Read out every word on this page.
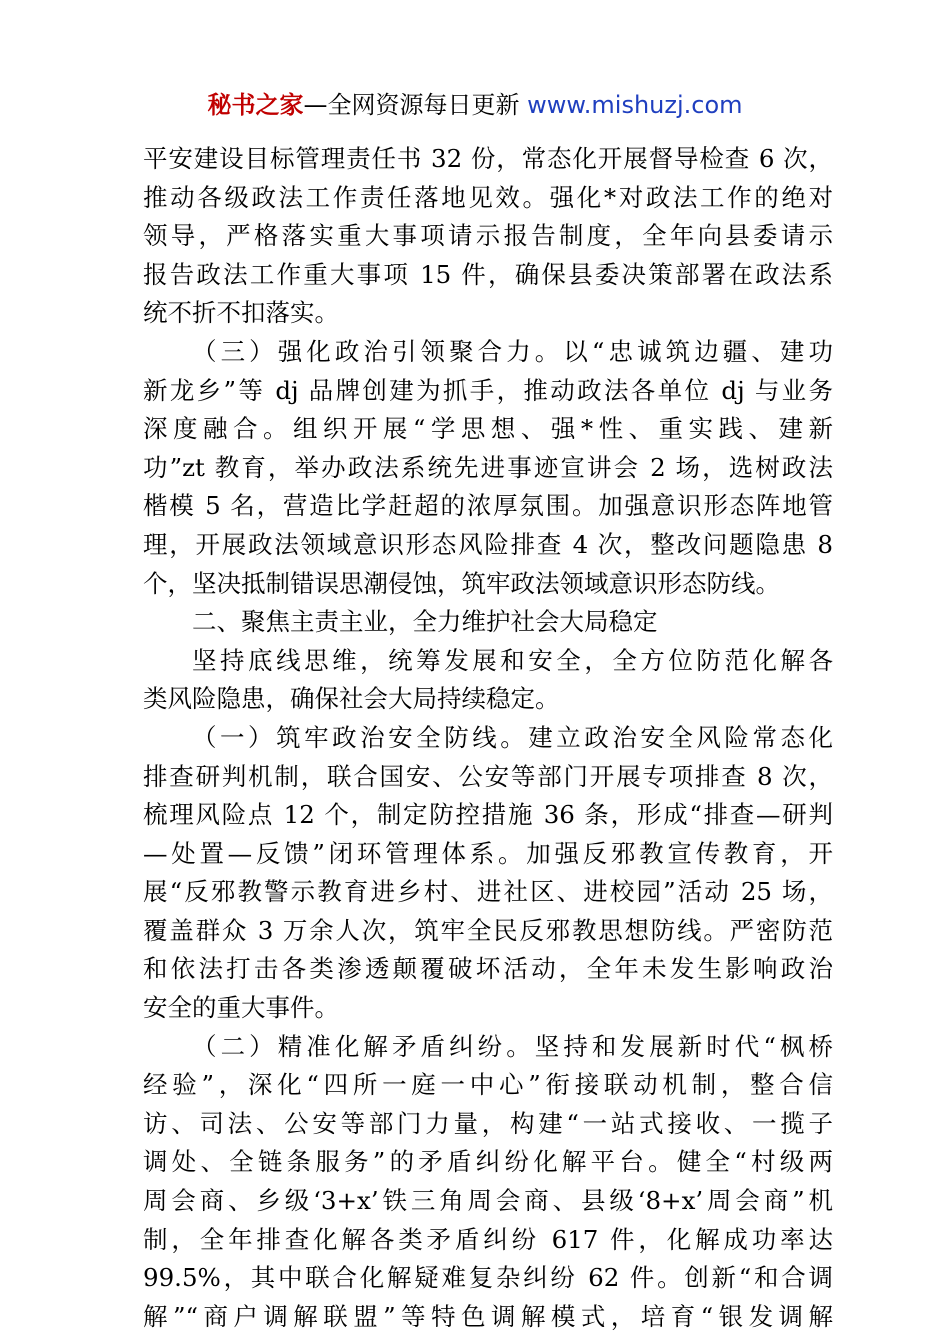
秘书之家—全网资源每日更新 www.mishuzj.com
平安建设目标管理责任书 32 份，常态化开展督导检查 6 次，
推动各级政法工作责任落地见效。强化*对政法工作的绝对
领导，严格落实重大事项请示报告制度，全年向县委请示
报告政法工作重大事项 15 件，确保县委决策部署在政法系
统不折不扣落实。
（三）强化政治引领聚合力。以“忠诚筑边疆、建功
新龙乡”等 dj 品牌创建为抓手，推动政法各单位 dj 与业务
深度融合。组织开展“学思想、强*性、重实践、建新
功”zt 教育，举办政法系统先进事迹宣讲会 2 场，选树政法
楷模 5 名，营造比学赶超的浓厚氛围。加强意识形态阵地管
理，开展政法领域意识形态风险排查 4 次，整改问题隐患 8
个，坚决抵制错误思潮侵蚀，筑牢政法领域意识形态防线。
二、聚焦主责主业，全力维护社会大局稳定
坚持底线思维，统筹发展和安全，全方位防范化解各
类风险隐患，确保社会大局持续稳定。
（一）筑牢政治安全防线。建立政治安全风险常态化
排查研判机制，联合国安、公安等部门开展专项排查 8 次，
梳理风险点 12 个，制定防控措施 36 条，形成“排查—研判
—处置—反馈”闭环管理体系。加强反邪教宣传教育，开
展“反邪教警示教育进乡村、进社区、进校园”活动 25 场，
覆盖群众 3 万余人次，筑牢全民反邪教思想防线。严密防范
和依法打击各类渗透颠覆破坏活动，全年未发生影响政治
安全的重大事件。
（二）精准化解矛盾纠纷。坚持和发展新时代“枫桥
经验”，深化“四所一庭一中心”衔接联动机制，整合信
访、司法、公安等部门力量，构建“一站式接收、一揽子
调处、全链条服务”的矛盾纠纷化解平台。健全“村级两
周会商、乡级‘3+x’铁三角周会商、县级‘8+x’周会商”机
制，全年排查化解各类矛盾纠纷 617 件，化解成功率达
99.5%，其中联合化解疑难复杂纠纷 62 件。创新“和合调
解”“商户调解联盟”等特色调解模式，培育“银发调解
